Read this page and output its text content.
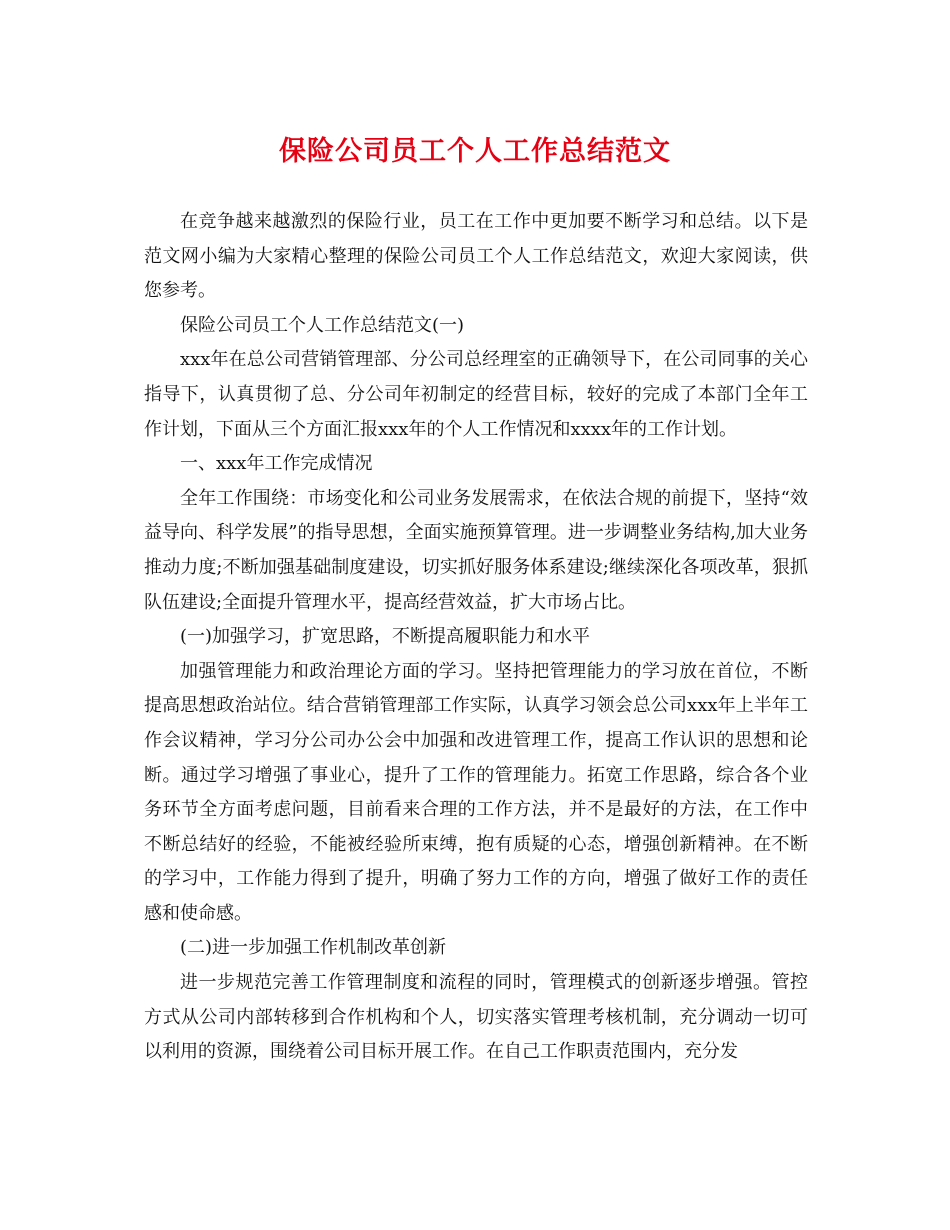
保险公司员工个人工作总结范文

在竞争越来越激烈的保险行业，员工在工作中更加要不断学习和总结。以下是范文网小编为大家精心整理的保险公司员工个人工作总结范文，欢迎大家阅读，供您参考。

保险公司员工个人工作总结范文(一)

xxx年在总公司营销管理部、分公司总经理室的正确领导下，在公司同事的关心指导下，认真贯彻了总、分公司年初制定的经营目标，较好的完成了本部门全年工作计划，下面从三个方面汇报xxx年的个人工作情况和xxxx年的工作计划。

一、xxx年工作完成情况

全年工作围绕：市场变化和公司业务发展需求，在依法合规的前提下，坚持“效益导向、科学发展”的指导思想，全面实施预算管理。进一步调整业务结构,加大业务推动力度;不断加强基础制度建设，切实抓好服务体系建设;继续深化各项改革，狠抓队伍建设;全面提升管理水平，提高经营效益，扩大市场占比。

(一)加强学习，扩宽思路，不断提高履职能力和水平

加强管理能力和政治理论方面的学习。坚持把管理能力的学习放在首位，不断提高思想政治站位。结合营销管理部工作实际，认真学习领会总公司xxx年上半年工作会议精神，学习分公司办公会中加强和改进管理工作，提高工作认识的思想和论断。通过学习增强了事业心，提升了工作的管理能力。拓宽工作思路，综合各个业务环节全方面考虑问题，目前看来合理的工作方法，并不是最好的方法，在工作中不断总结好的经验，不能被经验所束缚，抱有质疑的心态，增强创新精神。在不断的学习中，工作能力得到了提升，明确了努力工作的方向，增强了做好工作的责任感和使命感。

(二)进一步加强工作机制改革创新

进一步规范完善工作管理制度和流程的同时，管理模式的创新逐步增强。管控方式从公司内部转移到合作机构和个人，切实落实管理考核机制，充分调动一切可以利用的资源，围绕着公司目标开展工作。在自己工作职责范围内，充分发
